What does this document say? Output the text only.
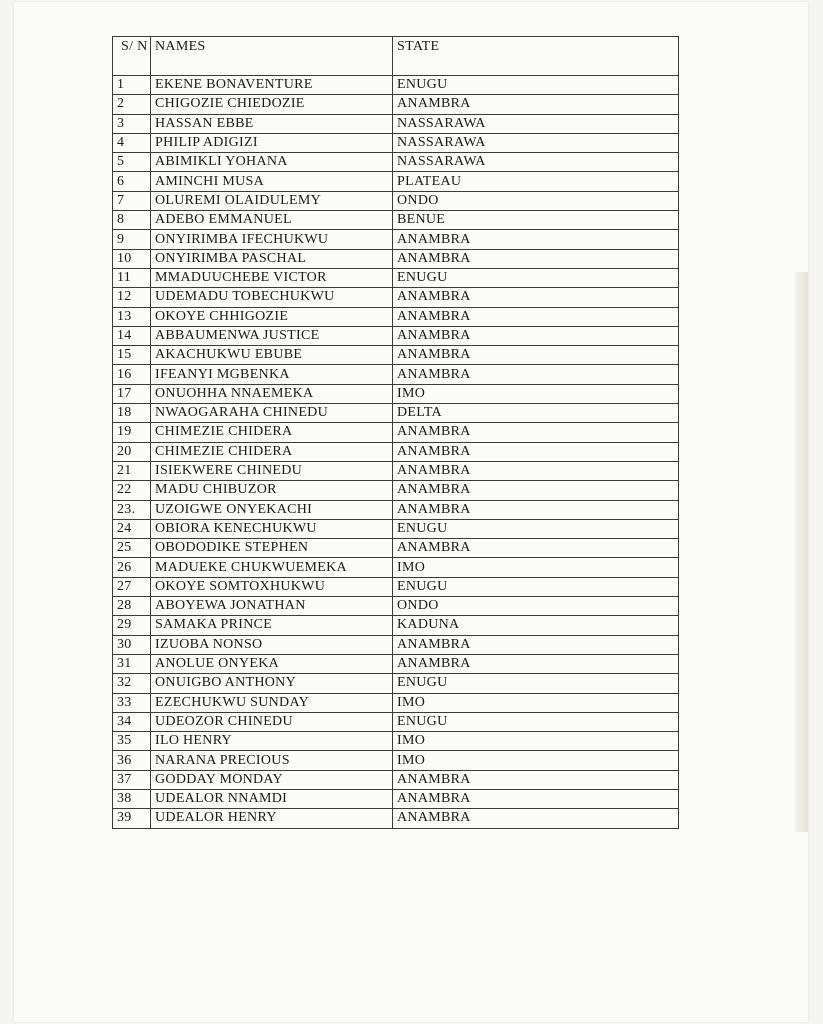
S/ N	NAMES	STATE
1	EKENE BONAVENTURE	ENUGU
2	CHIGOZIE CHIEDOZIE	ANAMBRA
3	HASSAN EBBE	NASSARAWA
4	PHILIP ADIGIZI	NASSARAWA
5	ABIMIKLI YOHANA	NASSARAWA
6	AMINCHI MUSA	PLATEAU
7	OLUREMI OLAIDULEMY	ONDO
8	ADEBO EMMANUEL	BENUE
9	ONYIRIMBA IFECHUKWU	ANAMBRA
10	ONYIRIMBA PASCHAL	ANAMBRA
11	MMADUUCHEBE VICTOR	ENUGU
12	UDEMADU TOBECHUKWU	ANAMBRA
13	OKOYE CHHIGOZIE	ANAMBRA
14	ABBAUMENWA JUSTICE	ANAMBRA
15	AKACHUKWU EBUBE	ANAMBRA
16	IFEANYI MGBENKA	ANAMBRA
17	ONUOHHA NNAEMEKA	IMO
18	NWAOGARAHA CHINEDU	DELTA
19	CHIMEZIE CHIDERA	ANAMBRA
20	CHIMEZIE CHIDERA	ANAMBRA
21	ISIEKWERE CHINEDU	ANAMBRA
22	MADU CHIBUZOR	ANAMBRA
23.	UZOIGWE ONYEKACHI	ANAMBRA
24	OBIORA KENECHUKWU	ENUGU
25	OBODODIKE STEPHEN	ANAMBRA
26	MADUEKE CHUKWUEMEKA	IMO
27	OKOYE SOMTOXHUKWU	ENUGU
28	ABOYEWA JONATHAN	ONDO
29	SAMAKA PRINCE	KADUNA
30	IZUOBA NONSO	ANAMBRA
31	ANOLUE ONYEKA	ANAMBRA
32	ONUIGBO ANTHONY	ENUGU
33	EZECHUKWU SUNDAY	IMO
34	UDEOZOR CHINEDU	ENUGU
35	ILO HENRY	IMO
36	NARANA PRECIOUS	IMO
37	GODDAY MONDAY	ANAMBRA
38	UDEALOR NNAMDI	ANAMBRA
39	UDEALOR HENRY	ANAMBRA
